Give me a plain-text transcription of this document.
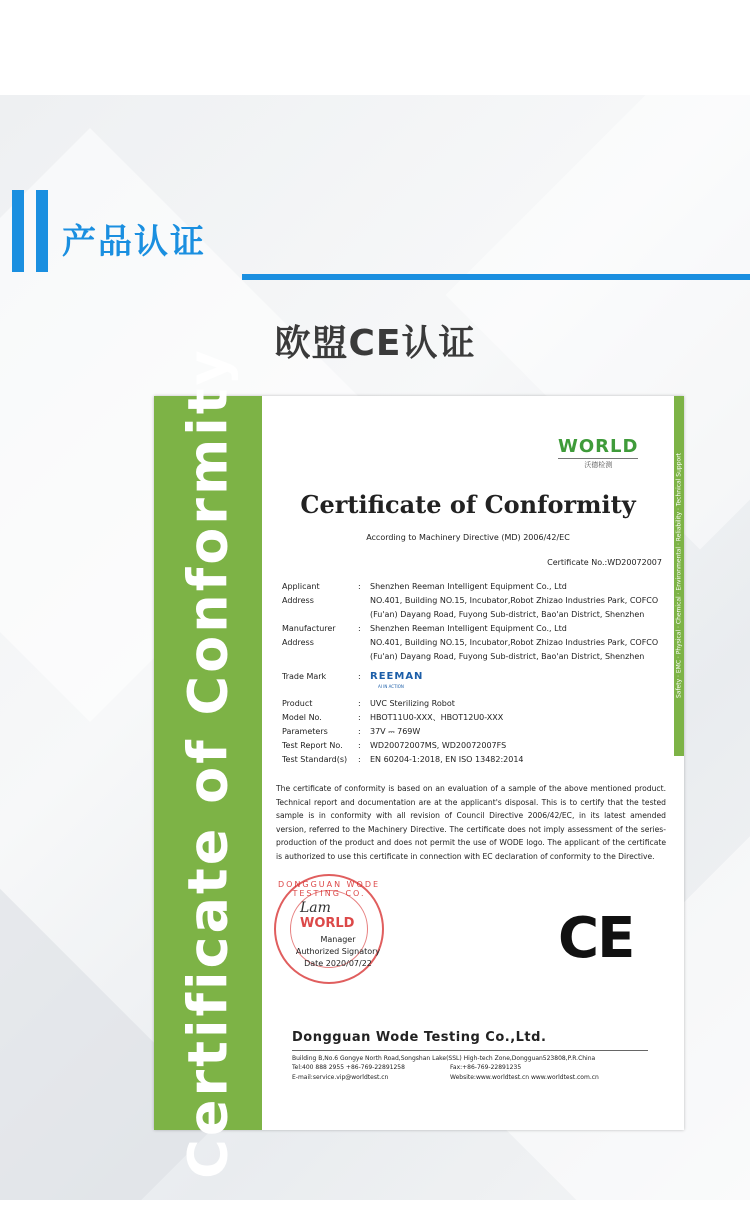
产品认证
欧盟CE认证
Certificate of Conformity	Safety · EMC · Physical · Chemical · Environmental · Reliability · Technical Support
WORLD
沃德检测
Certificate of Conformity
According to Machinery Directive (MD) 2006/42/EC
Certificate No.:WD20072007
Applicant	:	Shenzhen Reeman Intelligent Equipment Co., Ltd
Address	NO.401, Building NO.15, Incubator,Robot Zhizao Industries Park, COFCO (Fu'an) Dayang Road, Fuyong Sub-district, Bao'an District, Shenzhen
Manufacturer	:	Shenzhen Reeman Intelligent Equipment Co., Ltd
Address	NO.401, Building NO.15, Incubator,Robot Zhizao Industries Park, COFCO (Fu'an) Dayang Road, Fuyong Sub-district, Bao'an District, Shenzhen
Trade Mark	: REEMAN
AI IN ACTION
Product	:	UVC Sterilizing Robot
Model No.	:	HBOT11U0-XXX、HBOT12U0-XXX
Parameters	:	37V ⎓ 769W
Test Report No.	:	WD20072007MS, WD20072007FS
Test Standard(s)	:	EN 60204-1:2018, EN ISO 13482:2014
The certificate of conformity is based on an evaluation of a sample of the above mentioned product. Technical report and documentation are at the applicant's disposal. This is to certify that the tested sample is in conformity with all revision of Council Directive 2006/42/EC, in its latest amended version, referred to the Machinery Directive. The certificate does not imply assessment of the series-production of the product and does not permit the use of WODE logo. The applicant of the certificate is authorized to use this certificate in connection with EC declaration of conformity to the Directive.
DONGGUAN WODE TESTING CO.
Lam
WORLD
Manager
Authorized Signatory
Date 2020/07/22	CE
Dongguan Wode Testing Co.,Ltd.
Building B,No.6 Gongye North Road,Songshan Lake(SSL) High-tech Zone,Dongguan523808,P.R.China
Tel:400 888 2955 +86-769-22891258	Fax:+86-769-22891235
E-mail:service.vip@worldtest.cn	Website:www.worldtest.cn www.worldtest.com.cn
